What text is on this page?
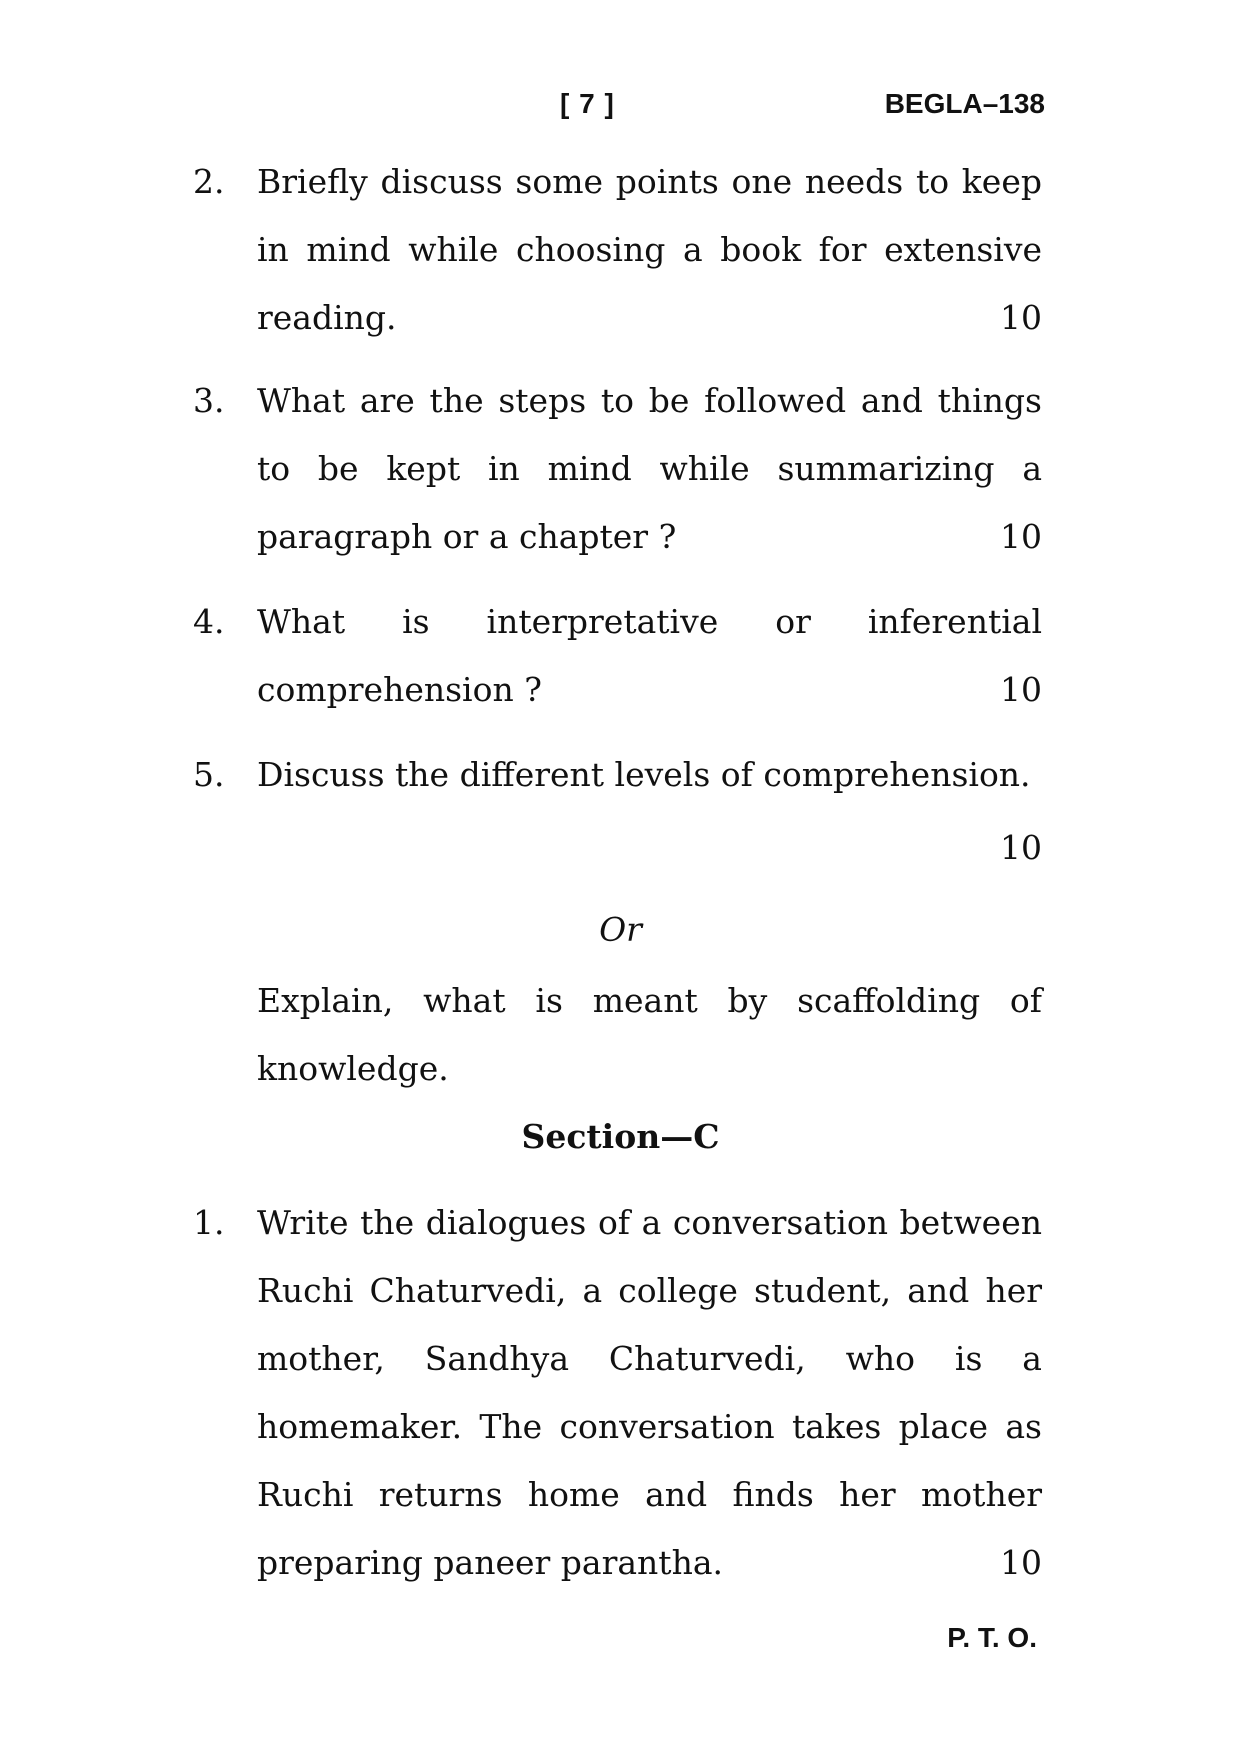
[ 7 ]	BEGLA–138
2. Briefly discuss some points one needs to keep in mind while choosing a book for extensive reading.	10
3. What are the steps to be followed and things to be kept in mind while summarizing a paragraph or a chapter ?	10
4. What is interpretative or inferential comprehension ?	10
5. Discuss the different levels of comprehension.
10
Or
Explain, what is meant by scaffolding of knowledge.
Section—C
1. Write the dialogues of a conversation between Ruchi Chaturvedi, a college student, and her mother, Sandhya Chaturvedi, who is a homemaker. The conversation takes place as Ruchi returns home and finds her mother preparing paneer parantha.	10
P. T. O.
